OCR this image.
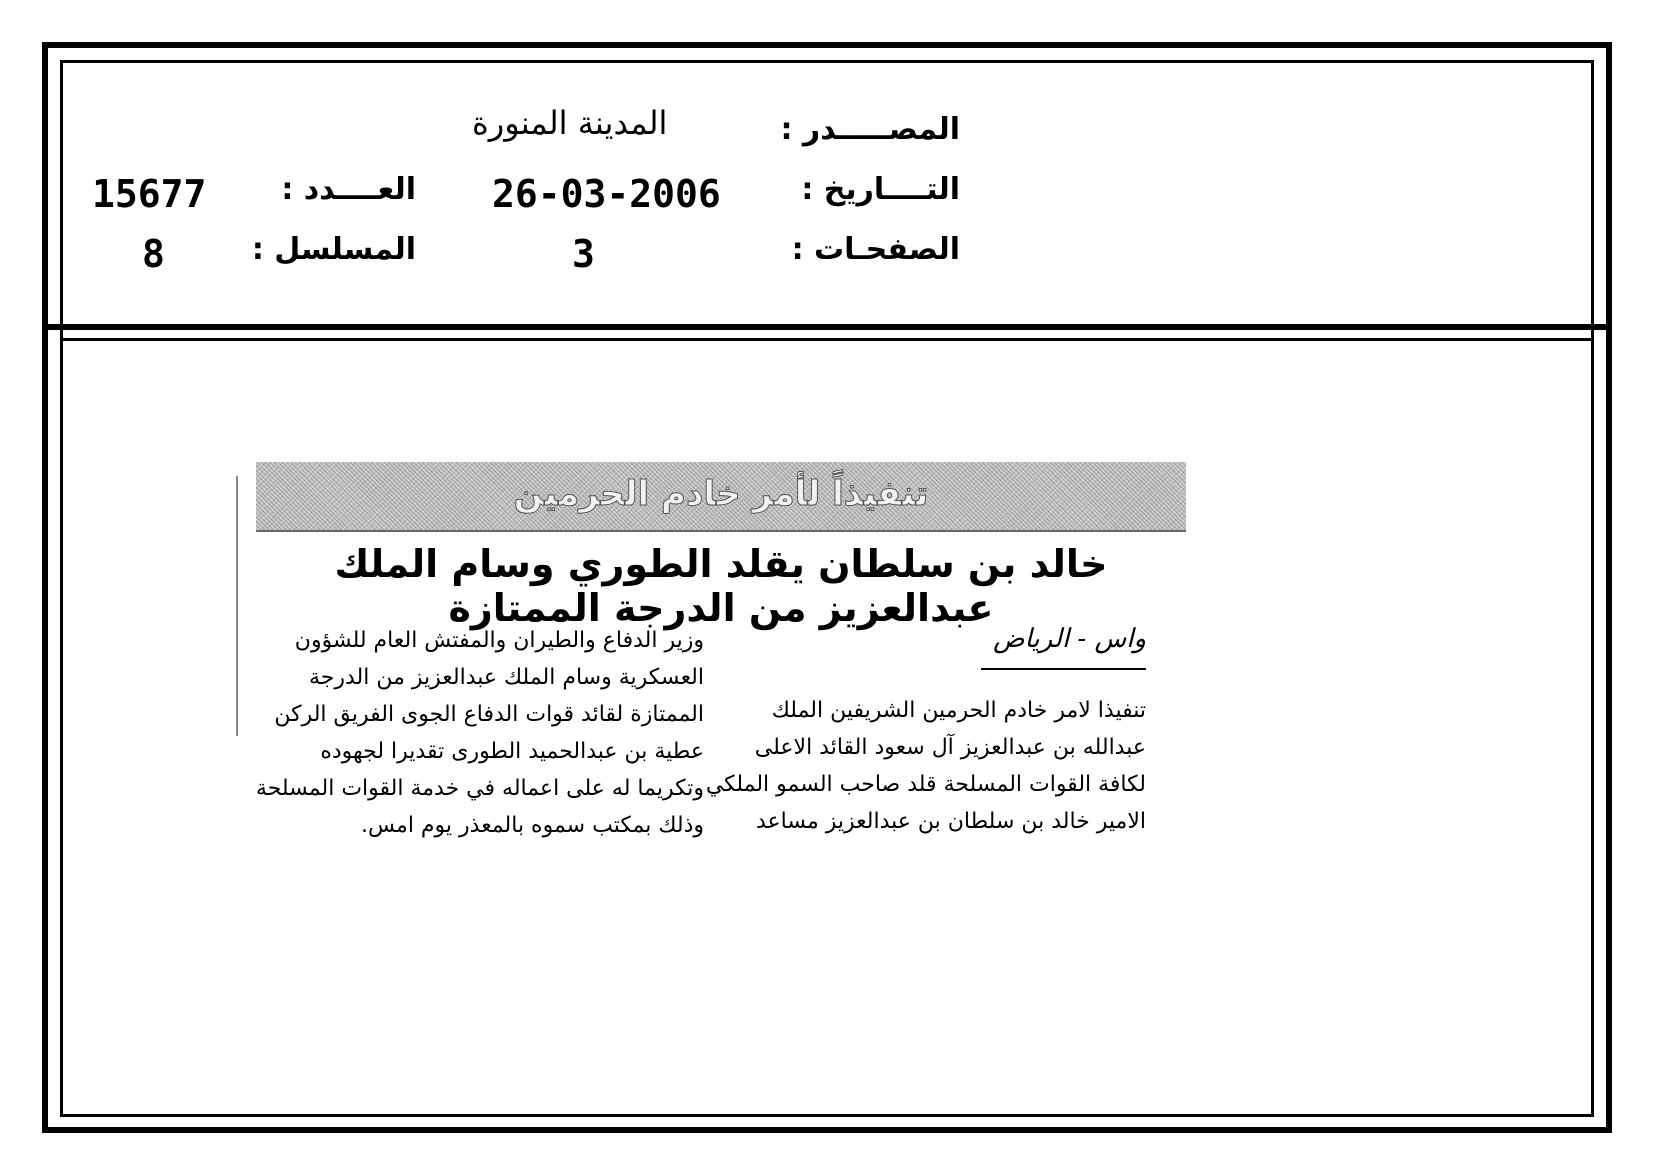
المصـــــدر :
المدينة المنورة
التــــاريخ :
26-03-2006
العــــدد :
15677
الصفحـات :
3
المسلسل :
8
تنفيذاً لأمر خادم الحرمين
خالد بن سلطان يقلد الطوري وسام الملك عبدالعزيز من الدرجة الممتازة
واس - الرياض
تنفيذا لامر خادم الحرمين الشريفين الملك
عبدالله بن عبدالعزيز آل سعود القائد الاعلى
لكافة القوات المسلحة قلد صاحب السمو الملكي
الامير خالد بن سلطان بن عبدالعزيز مساعد
وزير الدفاع والطيران والمفتش العام للشؤون
العسكرية وسام الملك عبدالعزيز من الدرجة
الممتازة لقائد قوات الدفاع الجوى الفريق الركن
عطية بن عبدالحميد الطورى تقديرا لجهوده
وتكريما له على اعماله في خدمة القوات المسلحة
وذلك بمكتب سموه بالمعذر يوم امس.
